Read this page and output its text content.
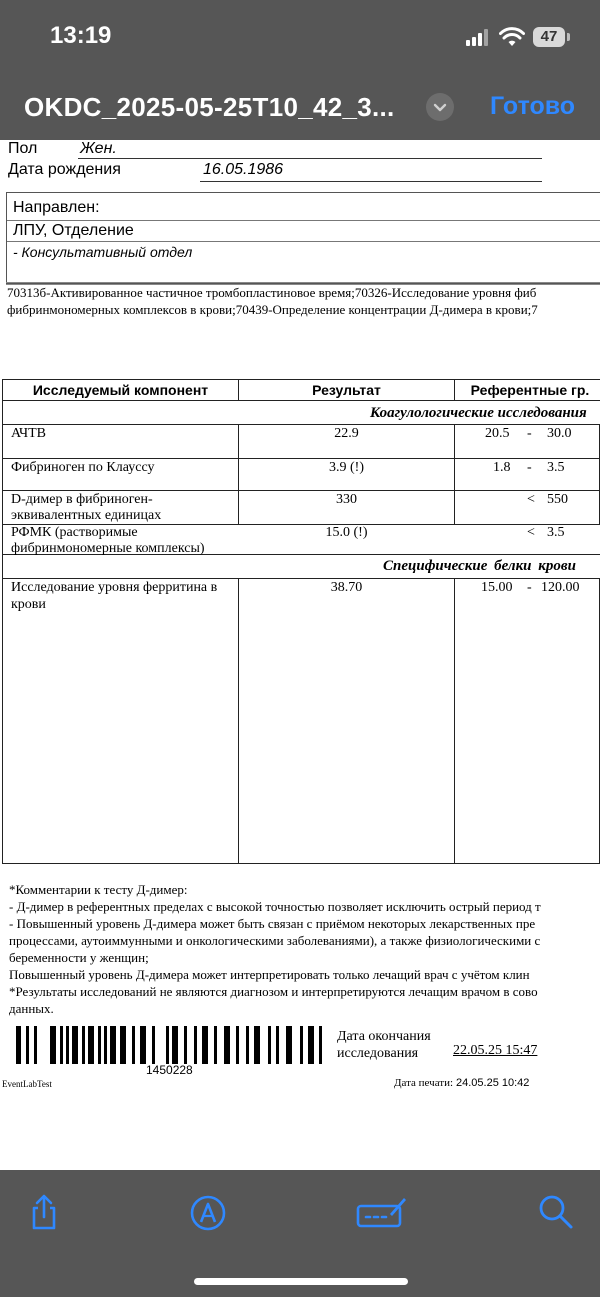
13:19	47
OKDC_2025-05-25T10_42_3...	Готово
Пол	Жен.
Дата рождения	16.05.1986
Направлен:
ЛПУ, Отделение
- Консультативный отдел
70313б-Активированное частичное тромбопластиновое время;70326-Исследование уровня фиб
фибринмономерных комплексов в крови;70439-Определение концентрации Д-димера в крови;7
Исследуемый компонент	Результат	Референтные гр.
Коагулологические исследования
АЧТВ	22.9	20.5 - 30.0
Фибриноген по Клауссу	3.9 (!)	1.8 - 3.5
D-димер в фибриноген-
эквивалентных единицах
330	< 550
РФМК (растворимые
фибринмономерные комплексы)
15.0 (!)	< 3.5
Специфические белки крови
Исследование уровня ферритина в
крови
38.70	15.00 - 120.00
*Комментарии к тесту Д-димер:
- Д-димер в референтных пределах с высокой точностью позволяет исключить острый период т
- Повышенный уровень Д-димера может быть связан с приёмом некоторых лекарственных пре
процессами, аутоиммунными и онкологическими заболеваниями), а также физиологическими с
беременности у женщин;
Повышенный уровень Д-димера может интерпретировать только лечащий врач с учётом клин
*Результаты исследований не являются диагнозом и интерпретируются лечащим врачом в сово
данных.
1450228
Дата окончания
исследования 22.05.25 15:47
EventLabTest	Дата печати: 24.05.25 10:42
